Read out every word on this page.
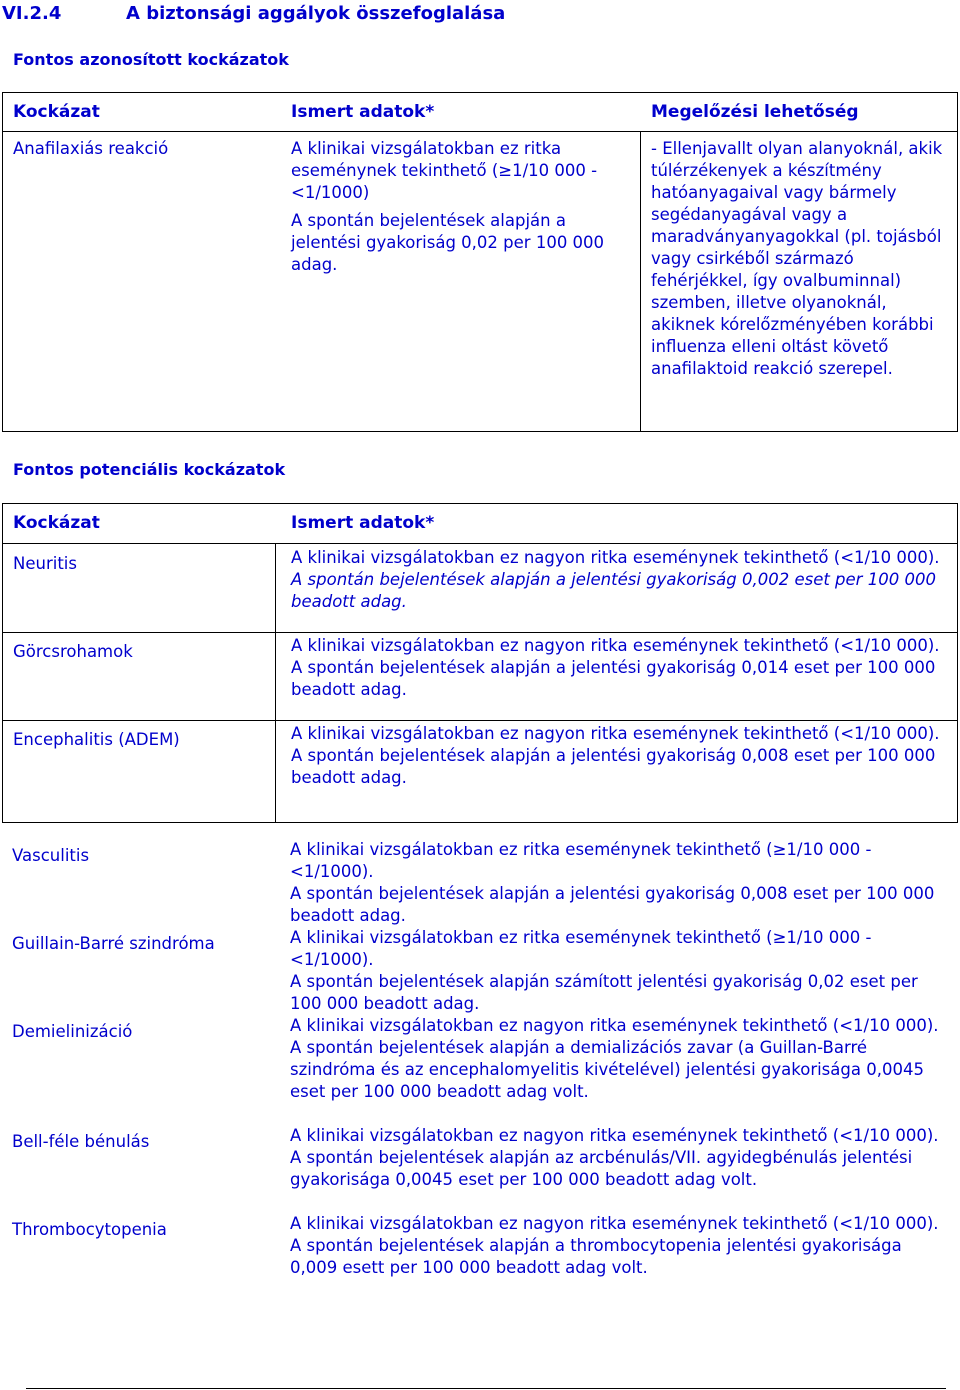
VI.2.4	A biztonsági aggályok összefoglalása
Fontos azonosított kockázatok
Kockázat	Ismert adatok*	Megelőzési lehetőség
Anafilaxiás reakció	A klinikai vizsgálatokban ez ritka eseménynek tekinthető (≥1/10 000 - <1/1000)

A spontán bejelentések alapján a jelentési gyakoriság 0,02 per 100 000 adag.

- Ellenjavallt olyan alanyoknál, akik túlérzékenyek a készítmény hatóanyagaival vagy bármely segédanyagával vagy a maradványanyagokkal (pl. tojásból vagy csirkéből származó fehérjékkel, így ovalbuminnal) szemben, illetve olyanoknál, akiknek kórelőzményében korábbi influenza elleni oltást követő anafilaktoid reakció szerepel.
Fontos potenciális kockázatok
Kockázat	Ismert adatok*
Neuritis	A klinikai vizsgálatokban ez nagyon ritka eseménynek tekinthető (<1/10 000).

A spontán bejelentések alapján a jelentési gyakoriság 0,002 eset per 100 000 beadott adag.

Görcsrohamok	A klinikai vizsgálatokban ez nagyon ritka eseménynek tekinthető (<1/10 000).

A spontán bejelentések alapján a jelentési gyakoriság 0,014 eset per 100 000 beadott adag.

Encephalitis (ADEM)	A klinikai vizsgálatokban ez nagyon ritka eseménynek tekinthető (<1/10 000).

A spontán bejelentések alapján a jelentési gyakoriság 0,008 eset per 100 000 beadott adag.

Vasculitis	A klinikai vizsgálatokban ez ritka eseménynek tekinthető (≥1/10 000 - <1/1000).

A spontán bejelentések alapján a jelentési gyakoriság 0,008 eset per 100 000 beadott adag.

Guillain-Barré szindróma	A klinikai vizsgálatokban ez ritka eseménynek tekinthető (≥1/10 000 - <1/1000).

A spontán bejelentések alapján számított jelentési gyakoriság 0,02 eset per 100 000 beadott adag.

Demielinizáció	A klinikai vizsgálatokban ez nagyon ritka eseménynek tekinthető (<1/10 000).

A spontán bejelentések alapján a demializációs zavar (a Guillan-Barré szindróma és az encephalomyelitis kivételével) jelentési gyakorisága 0,0045 eset per 100 000 beadott adag volt.

Bell-féle bénulás	A klinikai vizsgálatokban ez nagyon ritka eseménynek tekinthető (<1/10 000).

A spontán bejelentések alapján az arcbénulás/VII. agyidegbénulás jelentési gyakorisága 0,0045 eset per 100 000 beadott adag volt.

Thrombocytopenia	A klinikai vizsgálatokban ez nagyon ritka eseménynek tekinthető (<1/10 000).

A spontán bejelentések alapján a thrombocytopenia jelentési gyakorisága 0,009 esett per 100 000 beadott adag volt.
